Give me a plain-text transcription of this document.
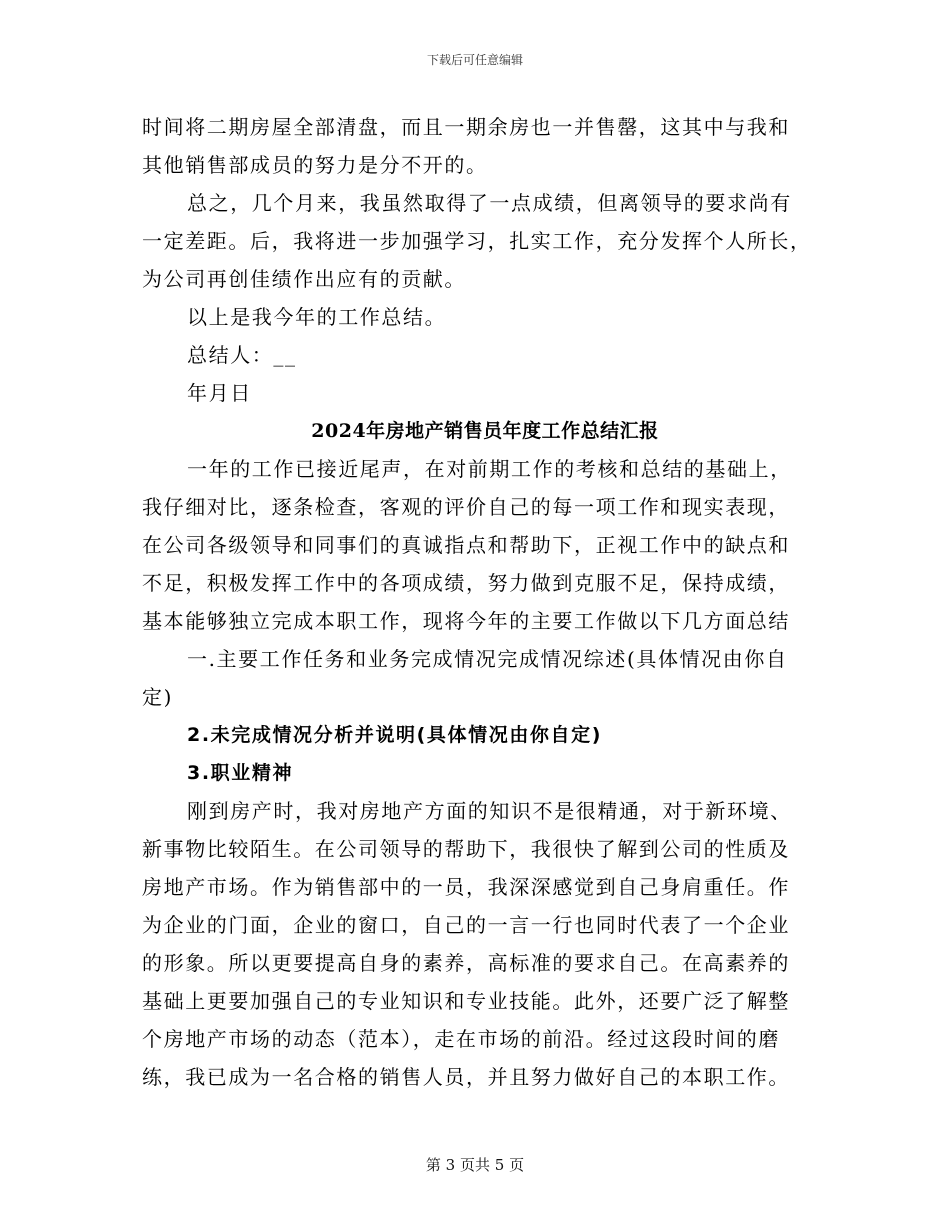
下载后可任意编辑

时间将二期房屋全部清盘，而且一期余房也一并售罄，这其中与我和

其他销售部成员的努力是分不开的。

总之，几个月来，我虽然取得了一点成绩，但离领导的要求尚有

一定差距。后，我将进一步加强学习，扎实工作，充分发挥个人所长，

为公司再创佳绩作出应有的贡献。

以上是我今年的工作总结。

总结人：__

年月日

2024年房地产销售员年度工作总结汇报

一年的工作已接近尾声，在对前期工作的考核和总结的基础上，

我仔细对比，逐条检查，客观的评价自己的每一项工作和现实表现，

在公司各级领导和同事们的真诚指点和帮助下，正视工作中的缺点和

不足，积极发挥工作中的各项成绩，努力做到克服不足，保持成绩，

基本能够独立完成本职工作，现将今年的主要工作做以下几方面总结

一.主要工作任务和业务完成情况完成情况综述(具体情况由你自

定)

2.未完成情况分析并说明(具体情况由你自定)

3.职业精神

刚到房产时，我对房地产方面的知识不是很精通，对于新环境、

新事物比较陌生。在公司领导的帮助下，我很快了解到公司的性质及

房地产市场。作为销售部中的一员，我深深感觉到自己身肩重任。作

为企业的门面，企业的窗口，自己的一言一行也同时代表了一个企业

的形象。所以更要提高自身的素养，高标准的要求自己。在高素养的

基础上更要加强自己的专业知识和专业技能。此外，还要广泛了解整

个房地产市场的动态（范本），走在市场的前沿。经过这段时间的磨

练，我已成为一名合格的销售人员，并且努力做好自己的本职工作。

第 3 页共 5 页
